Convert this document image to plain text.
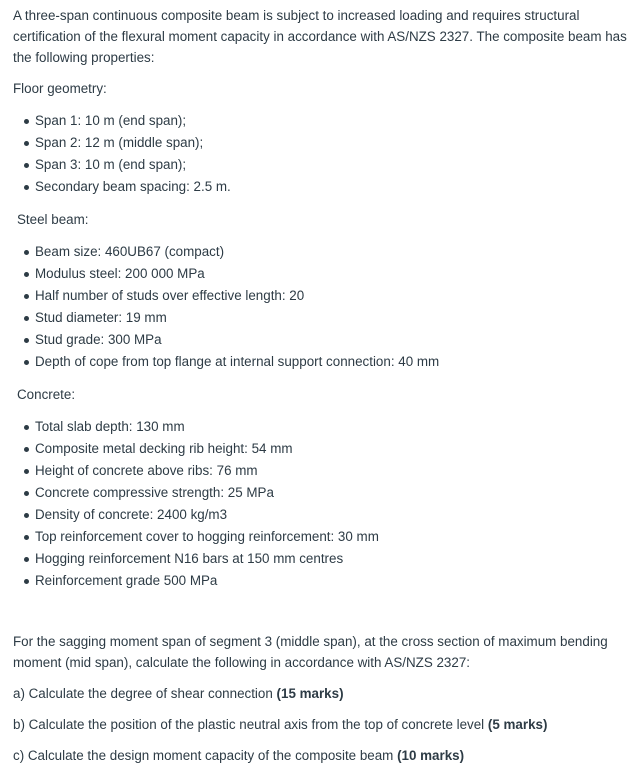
A three-span continuous composite beam is subject to increased loading and requires structural certification of the flexural moment capacity in accordance with AS/NZS 2327. The composite beam has the following properties:

Floor geometry:

Span 1: 10 m (end span);
Span 2: 12 m (middle span);
Span 3: 10 m (end span);
Secondary beam spacing: 2.5 m.

Steel beam:

Beam size: 460UB67 (compact)
Modulus steel: 200 000 MPa
Half number of studs over effective length: 20
Stud diameter: 19 mm
Stud grade: 300 MPa
Depth of cope from top flange at internal support connection: 40 mm

Concrete:

Total slab depth: 130 mm
Composite metal decking rib height: 54 mm
Height of concrete above ribs: 76 mm
Concrete compressive strength: 25 MPa
Density of concrete: 2400 kg/m3
Top reinforcement cover to hogging reinforcement: 30 mm
Hogging reinforcement N16 bars at 150 mm centres
Reinforcement grade 500 MPa

For the sagging moment span of segment 3 (middle span), at the cross section of maximum bending moment (mid span), calculate the following in accordance with AS/NZS 2327:

a) Calculate the degree of shear connection (15 marks)

b) Calculate the position of the plastic neutral axis from the top of concrete level (5 marks)

c) Calculate the design moment capacity of the composite beam (10 marks)
